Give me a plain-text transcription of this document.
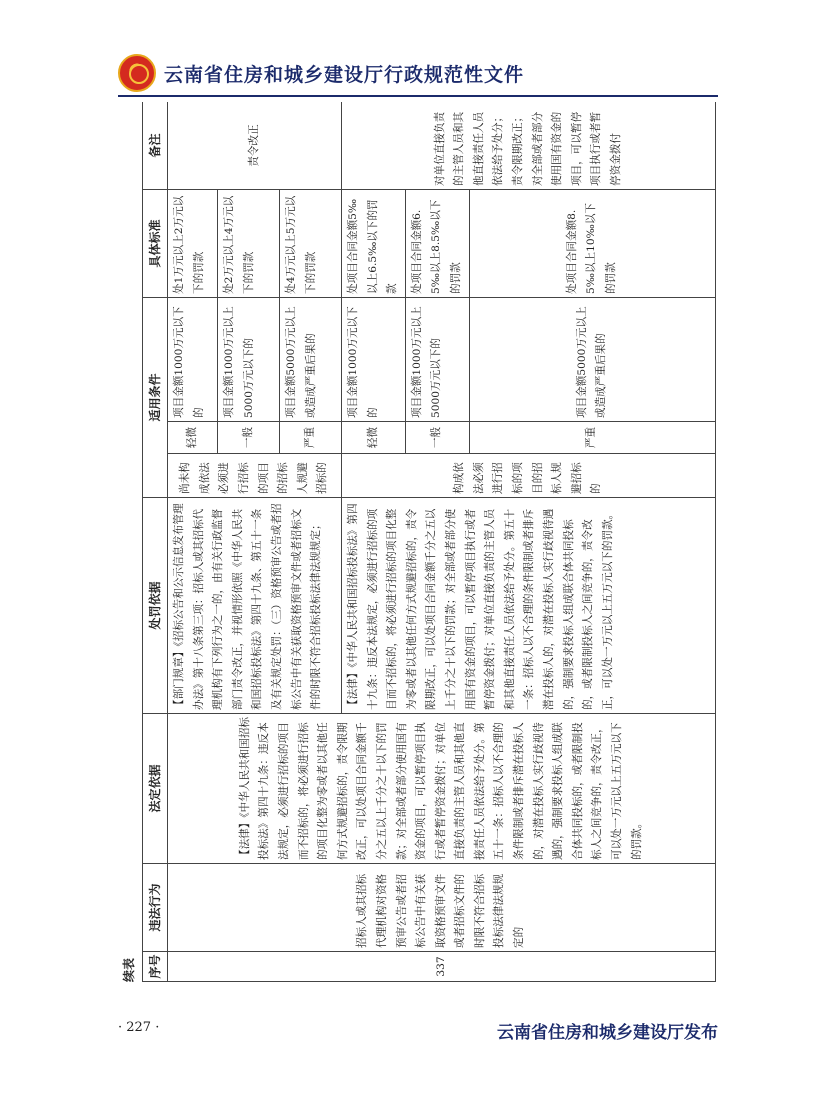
云南省住房和城乡建设厅行政规范性文件
续表 序号	违法行为	法定依据	处罚依据	适用条件			具体标准	备注
337	招标人或其招标代理机构对资格预审公告或者招标公告中有关获取资格预审文件或者招标文件的时限不符合招标投标法律法规规定的	【法律】《中华人民共和国招标投标法》第四十九条：违反本法规定，必须进行招标的项目而不招标的，将必须进行招标的项目化整为零或者以其他任何方式规避招标的，责令限期改正，可以处项目合同金额千分之五以上千分之十以下的罚款；对全部或者部分使用国有资金的项目，可以暂停项目执行或者暂停资金拨付；对单位直接负责的主管人员和其他直接责任人员依法给予处分。第五十一条：招标人以不合理的条件限制或者排斥潜在投标人的，对潜在投标人实行歧视待遇的，强制要求投标人组成联合体共同投标的，或者限制投标人之间竞争的，责令改正，可以处一万元以上五万元以下的罚款。	【部门规章】《招标公告和公示信息发布管理办法》第十八条第三项：招标人或其招标代理机构有下列行为之一的，由有关行政监督部门责令改正，并视情形依照《中华人民共和国招标投标法》第四十九条、第五十一条及有关规定处罚：（三）资格预审公告或者招标公告中有关获取资格预审文件或者招标文件的时限不符合招标投标法律法规规定；	尚未构成依法必须进行招标的项目的招标人规避招标的	轻微	项目金额1000万元以下的	处1万元以上2万元以下的罚款	责令改正
					一般	项目金额1000万元以上5000万元以下的	处2万元以上4万元以下的罚款	
					严重	项目金额5000万元以上或造成严重后果的	处4万元以上5万元以下的罚款	
			【法律】《中华人民共和国招标投标法》第四十九条：违反本法规定，必须进行招标的项目而不招标的，将必须进行招标的项目化整为零或者以其他任何方式规避招标的，责令限期改正，可以处项目合同金额千分之五以上千分之十以下的罚款；对全部或者部分使用国有资金的项目，可以暂停项目执行或者暂停资金拨付；对单位直接负责的主管人员和其他直接责任人员依法给予处分。第五十一条：招标人以不合理的条件限制或者排斥潜在投标人的，对潜在投标人实行歧视待遇的，强制要求投标人组成联合体共同投标的，或者限制投标人之间竞争的，责令改正，可以处一万元以上五万元以下的罚款。	构成依法必须进行招标的项目的招标人规避招标的	轻微	项目金额1000万元以下的	处项目合同金额5‰以上6.5‰以下的罚款	对单位直接负责的主管人员和其他直接责任人员依法给予处分；责令限期改正；对全部或者部分使用国有资金的项目，可以暂停项目执行或者暂停资金拨付
					一般	项目金额1000万元以上5000万元以下的	处项目合同金额6.5‰以上8.5‰以下的罚款	
					严重	项目金额5000万元以上或造成严重后果的	处项目合同金额8.5‰以上10‰以下的罚款	
· 227 ·	云南省住房和城乡建设厅发布
